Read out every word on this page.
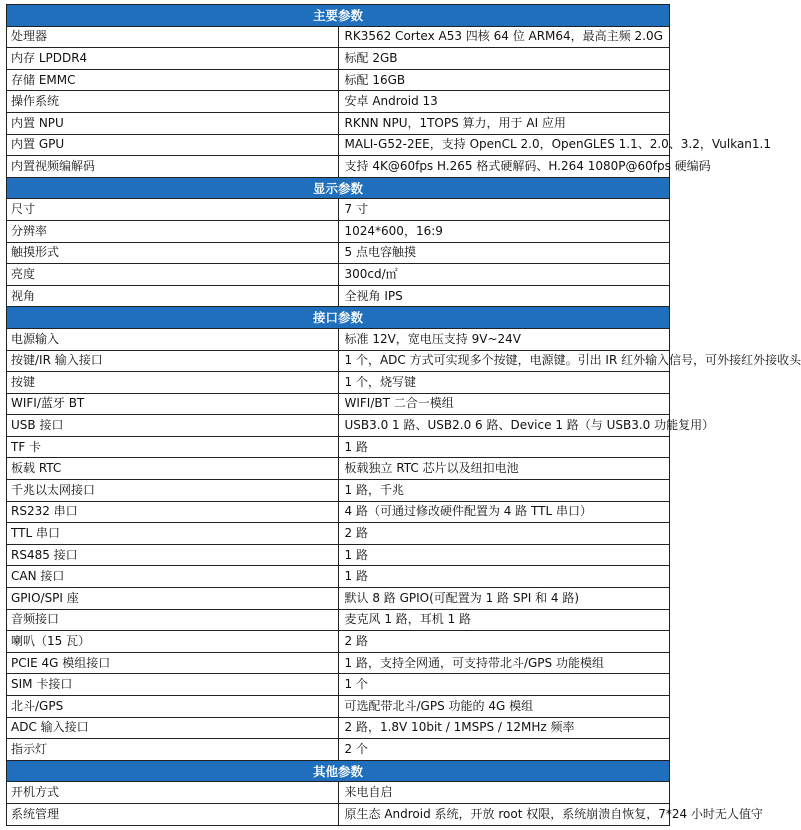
主要参数	
处理器	RK3562 Cortex A53 四核 64 位 ARM64，最高主频 2.0G
内存 LPDDR4	标配 2GB
存储 EMMC	标配 16GB
操作系统	安卓 Android 13
内置 NPU	RKNN NPU，1TOPS 算力，用于 AI 应用
内置 GPU	MALI-G52-2EE，支持 OpenCL 2.0，OpenGLES 1.1、2.0、3.2，Vulkan1.1
内置视频编解码	支持 4K@60fps H.265 格式硬解码、H.264 1080P@60fps 硬编码
显示参数	
尺寸	7 寸
分辨率	1024*600，16:9
触摸形式	5 点电容触摸
亮度	300cd/㎡
视角	全视角 IPS
接口参数	
电源输入	标准 12V，宽电压支持 9V~24V
按键/IR 输入接口	1 个，ADC 方式可实现多个按键，电源键。引出 IR 红外输入信号，可外接红外接收头
按键	1 个，烧写键
WIFI/蓝牙 BT	WIFI/BT 二合一模组
USB 接口	USB3.0 1 路、USB2.0 6 路、Device 1 路（与 USB3.0 功能复用）
TF 卡	1 路
板载 RTC	板载独立 RTC 芯片以及纽扣电池
千兆以太网接口	1 路，千兆
RS232 串口	4 路（可通过修改硬件配置为 4 路 TTL 串口）
TTL 串口	2 路
RS485 接口	1 路
CAN 接口	1 路
GPIO/SPI 座	默认 8 路 GPIO(可配置为 1 路 SPI 和 4 路)
音频接口	麦克风 1 路，耳机 1 路
喇叭（15 瓦）	2 路
PCIE 4G 模组接口	1 路，支持全网通，可支持带北斗/GPS 功能模组
SIM 卡接口	1 个
北斗/GPS	可选配带北斗/GPS 功能的 4G 模组
ADC 输入接口	2 路，1.8V 10bit / 1MSPS / 12MHz 频率
指示灯	2 个
其他参数	
开机方式	来电自启
系统管理	原生态 Android 系统，开放 root 权限，系统崩溃自恢复，7*24 小时无人值守
